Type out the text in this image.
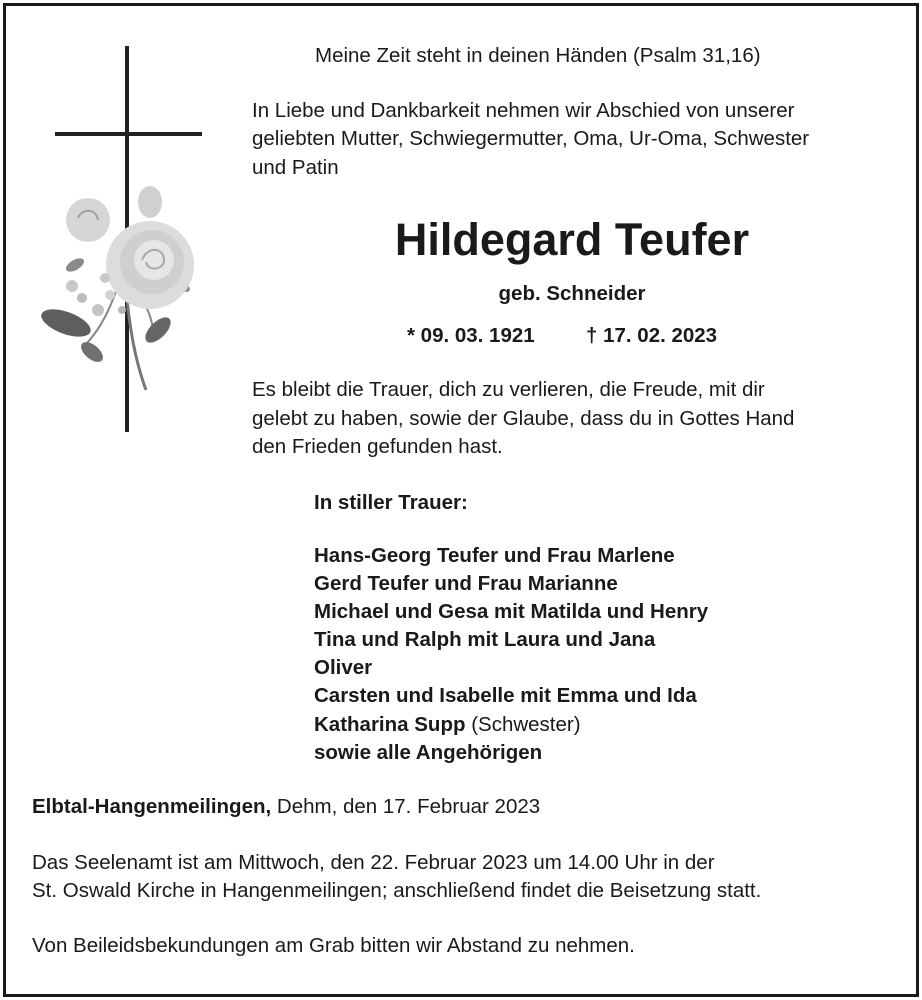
Meine Zeit steht in deinen Händen (Psalm 31,16)
In Liebe und Dankbarkeit nehmen wir Abschied von unserer
geliebten Mutter, Schwiegermutter, Oma, Ur-Oma, Schwester
und Patin
Hildegard Teufer
geb. Schneider
* 09. 03. 1921	† 17. 02. 2023
Es bleibt die Trauer, dich zu verlieren, die Freude, mit dir
gelebt zu haben, sowie der Glaube, dass du in Gottes Hand
den Frieden gefunden hast.
In stiller Trauer:
Hans-Georg Teufer und Frau Marlene
Gerd Teufer und Frau Marianne
Michael und Gesa mit Matilda und Henry
Tina und Ralph mit Laura und Jana
Oliver
Carsten und Isabelle mit Emma und Ida
Katharina Supp (Schwester)
sowie alle Angehörigen
Elbtal-Hangenmeilingen, Dehm, den 17. Februar 2023
Das Seelenamt ist am Mittwoch, den 22. Februar 2023 um 14.00 Uhr in der
St. Oswald Kirche in Hangenmeilingen; anschließend findet die Beisetzung statt.
Von Beileidsbekundungen am Grab bitten wir Abstand zu nehmen.
